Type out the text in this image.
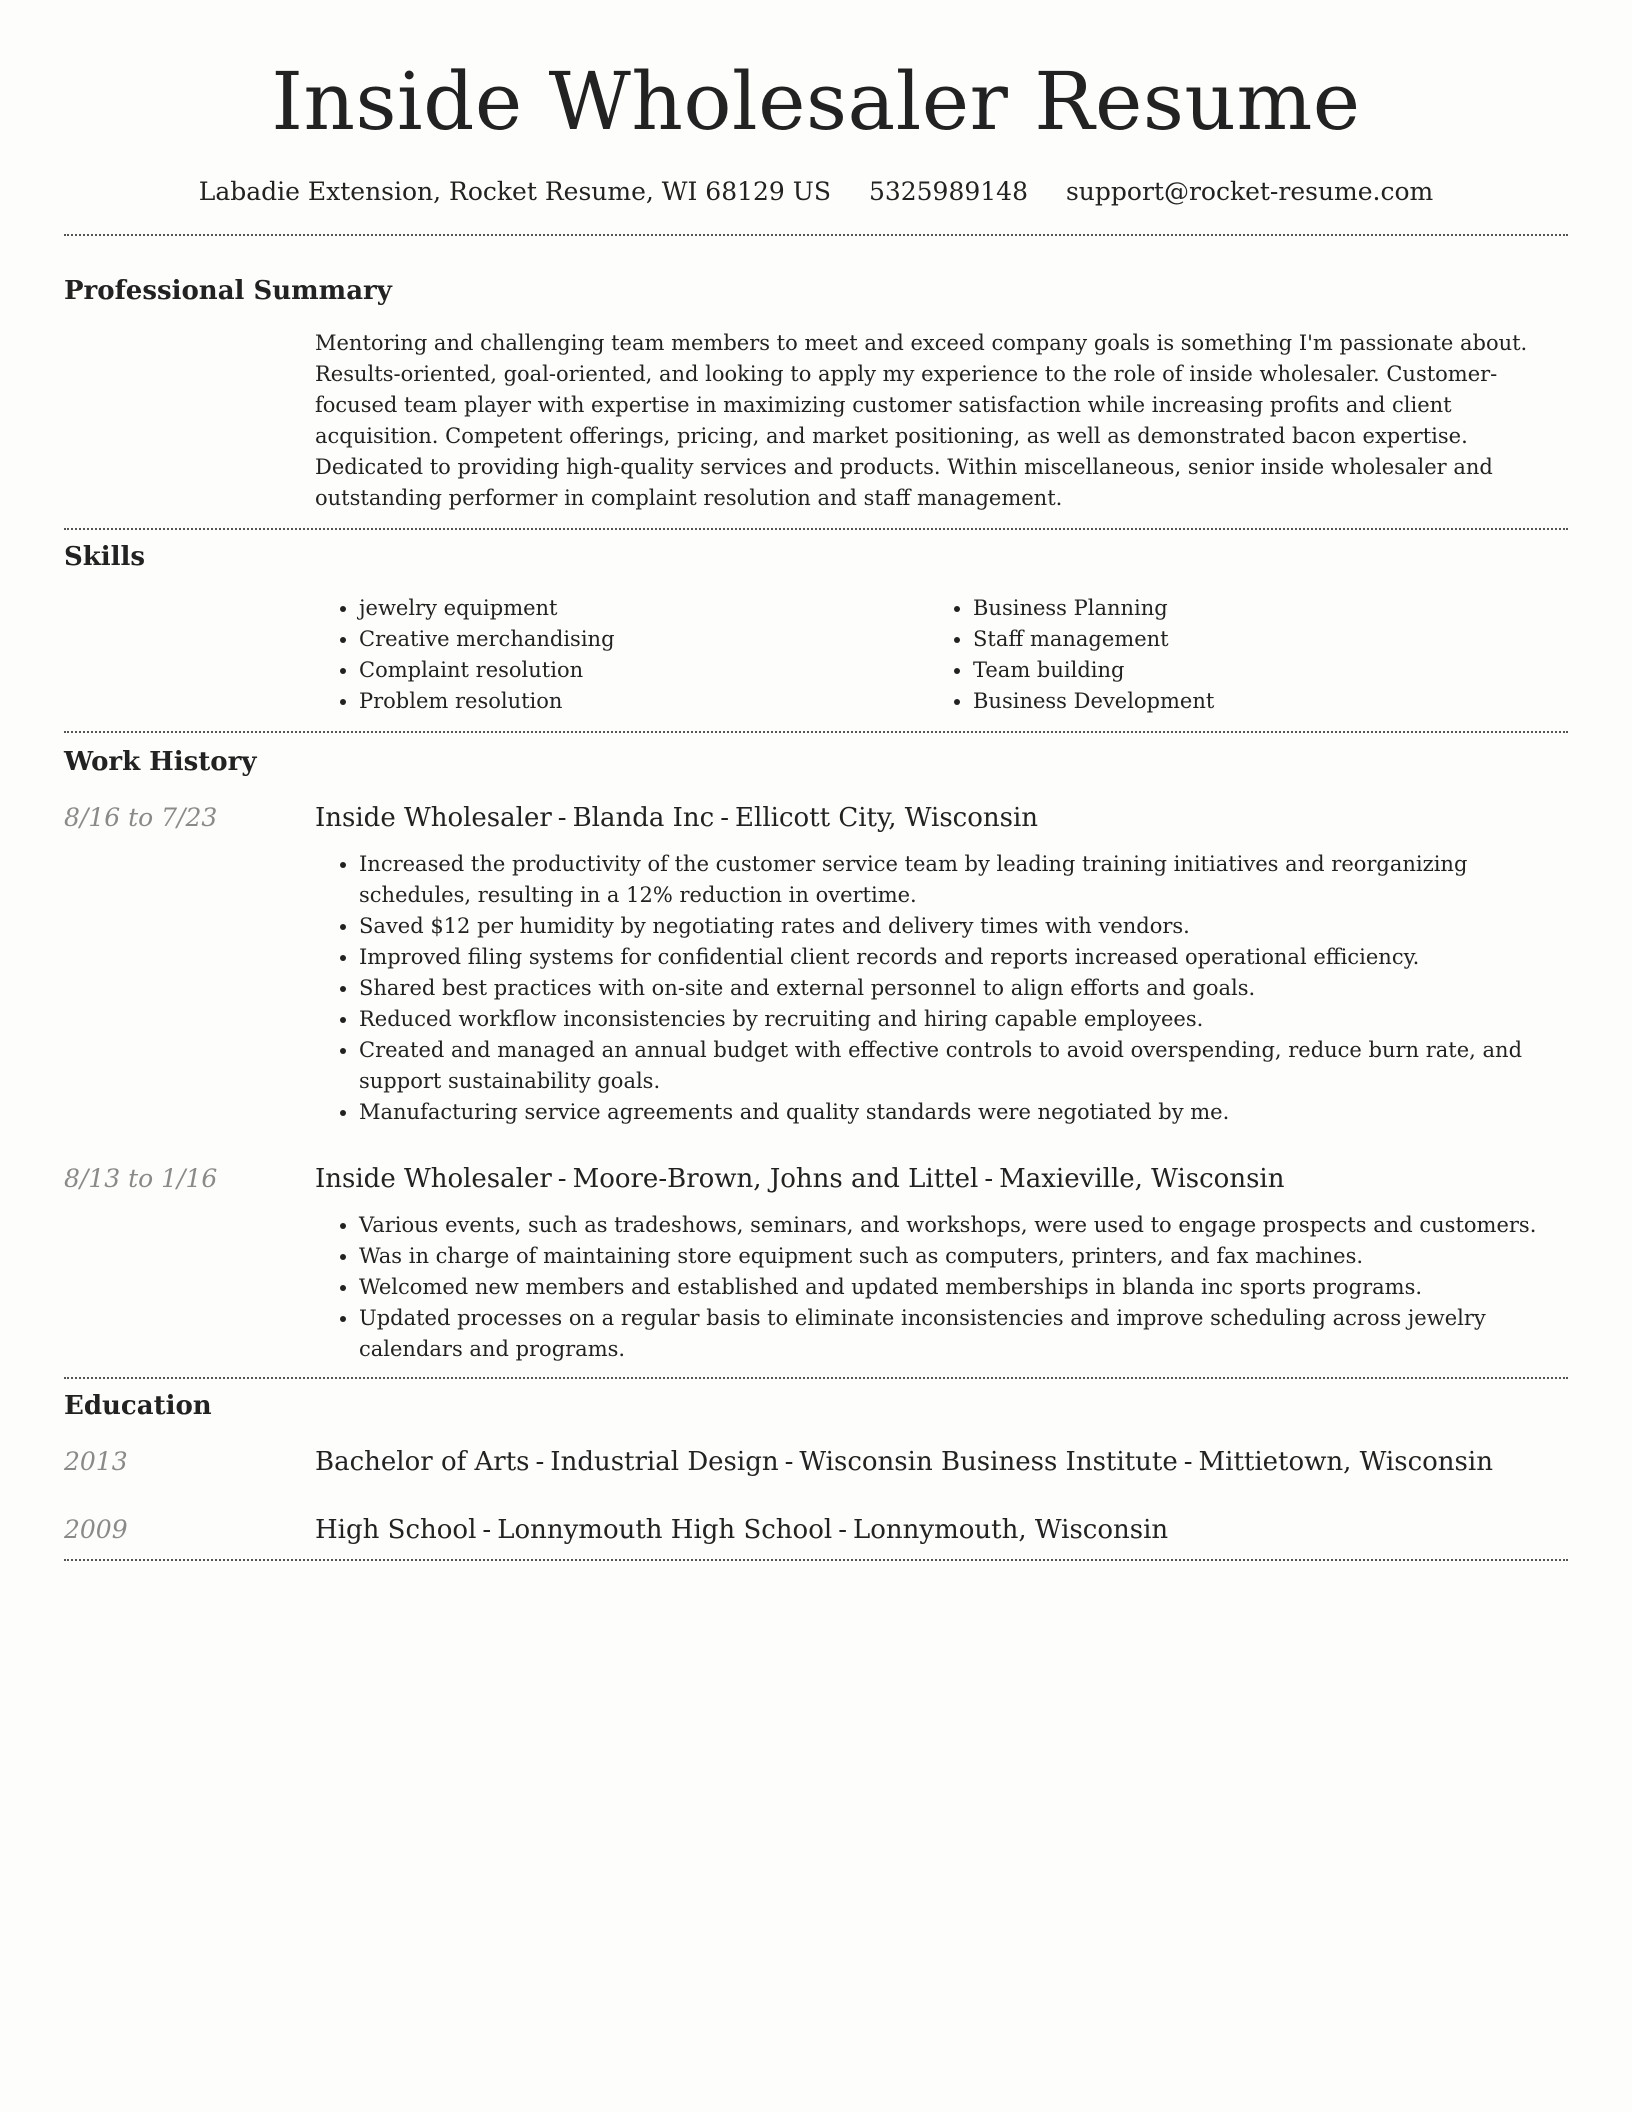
Inside Wholesaler Resume
Labadie Extension, Rocket Resume, WI 68129 US 5325989148 support@rocket-resume.com
Professional Summary

Mentoring and challenging team members to meet and exceed company goals is something I'm passionate about. Results-oriented, goal-oriented, and looking to apply my experience to the role of inside wholesaler. Customer-focused team player with expertise in maximizing customer satisfaction while increasing profits and client acquisition. Competent offerings, pricing, and market positioning, as well as demonstrated bacon expertise. Dedicated to providing high-quality services and products. Within miscellaneous, senior inside wholesaler and outstanding performer in complaint resolution and staff management.

Skills
• jewelry equipment
• Creative merchandising
• Complaint resolution
• Problem resolution
• Business Planning
• Staff management
• Team building
• Business Development
Work History
8/16 to 7/23	Inside Wholesaler - Blanda Inc - Ellicott City, Wisconsin
• Increased the productivity of the customer service team by leading training initiatives and reorganizing schedules, resulting in a 12% reduction in overtime.
• Saved $12 per humidity by negotiating rates and delivery times with vendors.
• Improved filing systems for confidential client records and reports increased operational efficiency.
• Shared best practices with on-site and external personnel to align efforts and goals.
• Reduced workflow inconsistencies by recruiting and hiring capable employees.
• Created and managed an annual budget with effective controls to avoid overspending, reduce burn rate, and support sustainability goals.
• Manufacturing service agreements and quality standards were negotiated by me.
8/13 to 1/16	Inside Wholesaler - Moore-Brown, Johns and Littel - Maxieville, Wisconsin
• Various events, such as tradeshows, seminars, and workshops, were used to engage prospects and customers.
• Was in charge of maintaining store equipment such as computers, printers, and fax machines.
• Welcomed new members and established and updated memberships in blanda inc sports programs.
• Updated processes on a regular basis to eliminate inconsistencies and improve scheduling across jewelry calendars and programs.
Education
2013	Bachelor of Arts - Industrial Design - Wisconsin Business Institute - Mittietown, Wisconsin
2009	High School - Lonnymouth High School - Lonnymouth, Wisconsin
